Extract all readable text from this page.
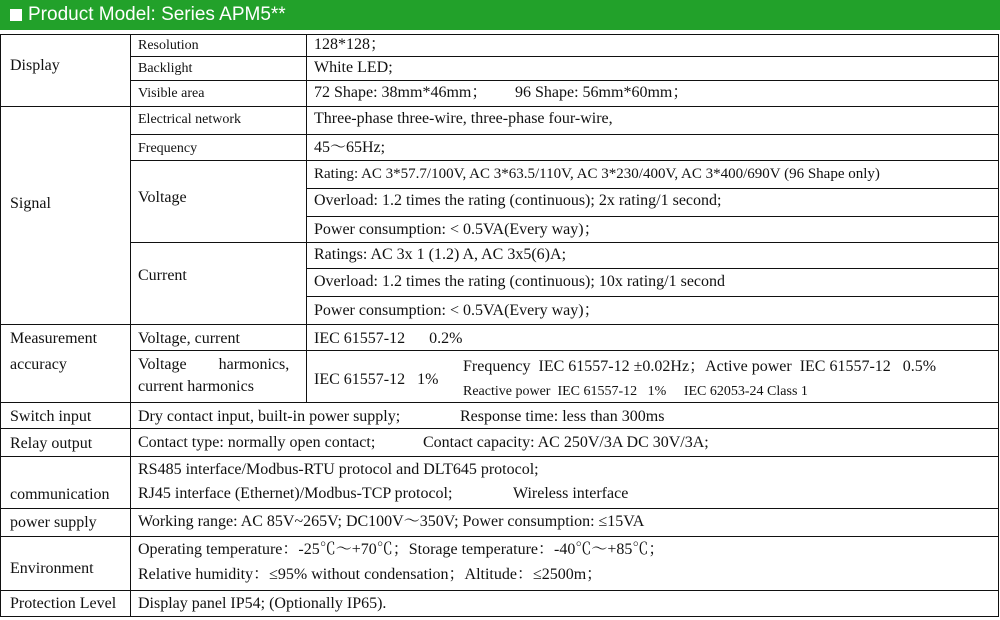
Product Model: Series APM5**
Display
Resolution	128*128；
Backlight	White LED;
Visible area	72 Shape: 38mm*46mm； 96 Shape: 56mm*60mm；
Signal
Electrical network	Three-phase three-wire, three-phase four-wire,
Frequency	45～65Hz;
Voltage
Rating: AC 3*57.7/100V, AC 3*63.5/110V, AC 3*230/400V, AC 3*400/690V (96 Shape only)
Overload: 1.2 times the rating (continuous); 2x rating/1 second;
Power consumption: < 0.5VA(Every way)；
Current
Ratings: AC 3x 1 (1.2) A, AC 3x5(6)A;
Overload: 1.2 times the rating (continuous); 10x rating/1 second
Power consumption: < 0.5VA(Every way)；
Measurement
accuracy
Voltage, current	IEC 61557-12      0.2%
Voltage        harmonics,
current harmonics	IEC 61557-12   1%
Frequency  IEC 61557-12 ±0.02Hz；Active power  IEC 61557-12   0.5%
Reactive power  IEC 61557-12   1%     IEC 62053-24 Class 1
Switch input	Dry contact input, built-in power supply;	Response time: less than 300ms
Relay output	Contact type: normally open contact;	Contact capacity: AC 250V/3A DC 30V/3A;
communication
RS485 interface/Modbus-RTU protocol and DLT645 protocol;
RJ45 interface (Ethernet)/Modbus-TCP protocol;	Wireless interface
power supply	Working range: AC 85V~265V; DC100V～350V; Power consumption: ≤15VA
Environment
Operating temperature：-25℃～+70℃；Storage temperature：-40℃～+85℃；
Relative humidity：≤95% without condensation；Altitude：≤2500m；
Protection Level Display panel IP54; (Optionally IP65).
